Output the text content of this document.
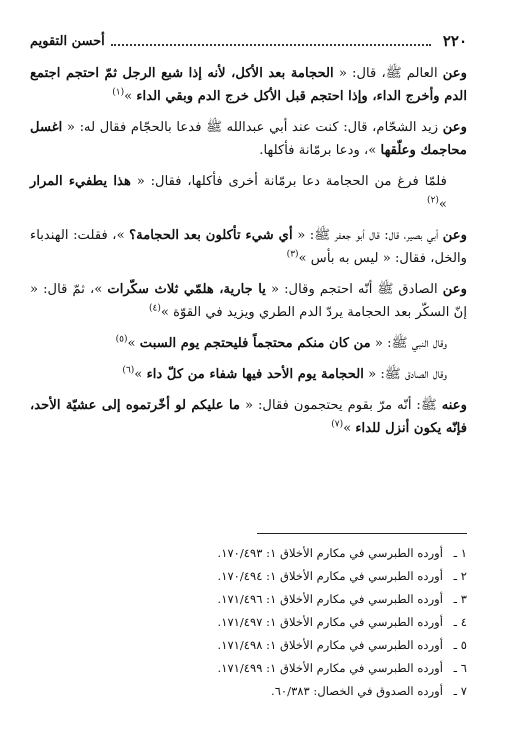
٢٢٠
أحسن التقويم

وعن العالم ﷺ، قال: « الحجامة بعد الأكل، لأنه إذا شبع الرجل ثمّ احتجم اجتمع الدم وأخرج الداء، وإذا احتجم قبل الأكل خرج الدم وبقي الداء »$^{(١)}$

وعن زيد الشحّام، قال: كنت عند أبي عبدالله ﷺ فدعا بالحجّام فقال له: « اغسل محاجمك وعلّقها »، ودعا برمّانة فأكلها.

فلمّا فرغ من الحجامة دعا برمّانة أخرى فأكلها، فقال: « هذا يطفيء المرار »$^{(٢)}$

وعن أبي بصير، قال: قال أبو جعفر ﷺ: « أي شيء تأكلون بعد الحجامة؟ »، فقلت: الهندباء والخل، فقال: « ليس به بأس »$^{(٣)}$

وعن الصادق ﷺ أنّه احتجم وقال: « يا جارية، هلمّي ثلاث سكّرات »، ثمّ قال: « إنّ السكّر بعد الحجامة يردّ الدم الطري ويزيد في القوّة »$^{(٤)}$

وقال النبي ﷺ: « من كان منكم محتجماً فليحتجم يوم السبت »$^{(٥)}$

وقال الصادق ﷺ: « الحجامة يوم الأحد فيها شفاء من كلّ داء »$^{(٦)}$

وعنه ﷺ: أنّه مرّ بقوم يحتجمون فقال: « ما عليكم لو أخّرتموه إلى عشيّة الأحد، فإنّه يكون أنزل للداء »$^{(٧)}$

١ ـ
أورده الطبرسي في مكارم الأخلاق ١: ١٧٠/٤٩٣.
٢ ـ
أورده الطبرسي في مكارم الأخلاق ١: ١٧٠/٤٩٤.
٣ ـ
أورده الطبرسي في مكارم الأخلاق ١: ١٧١/٤٩٦.
٤ ـ
أورده الطبرسي في مكارم الأخلاق ١: ١٧١/٤٩٧.
٥ ـ
أورده الطبرسي في مكارم الأخلاق ١: ١٧١/٤٩٨.
٦ ـ
أورده الطبرسي في مكارم الأخلاق ١: ١٧١/٤٩٩.
٧ ـ
أورده الصدوق في الخصال: ٦٠/٣٨٣.
